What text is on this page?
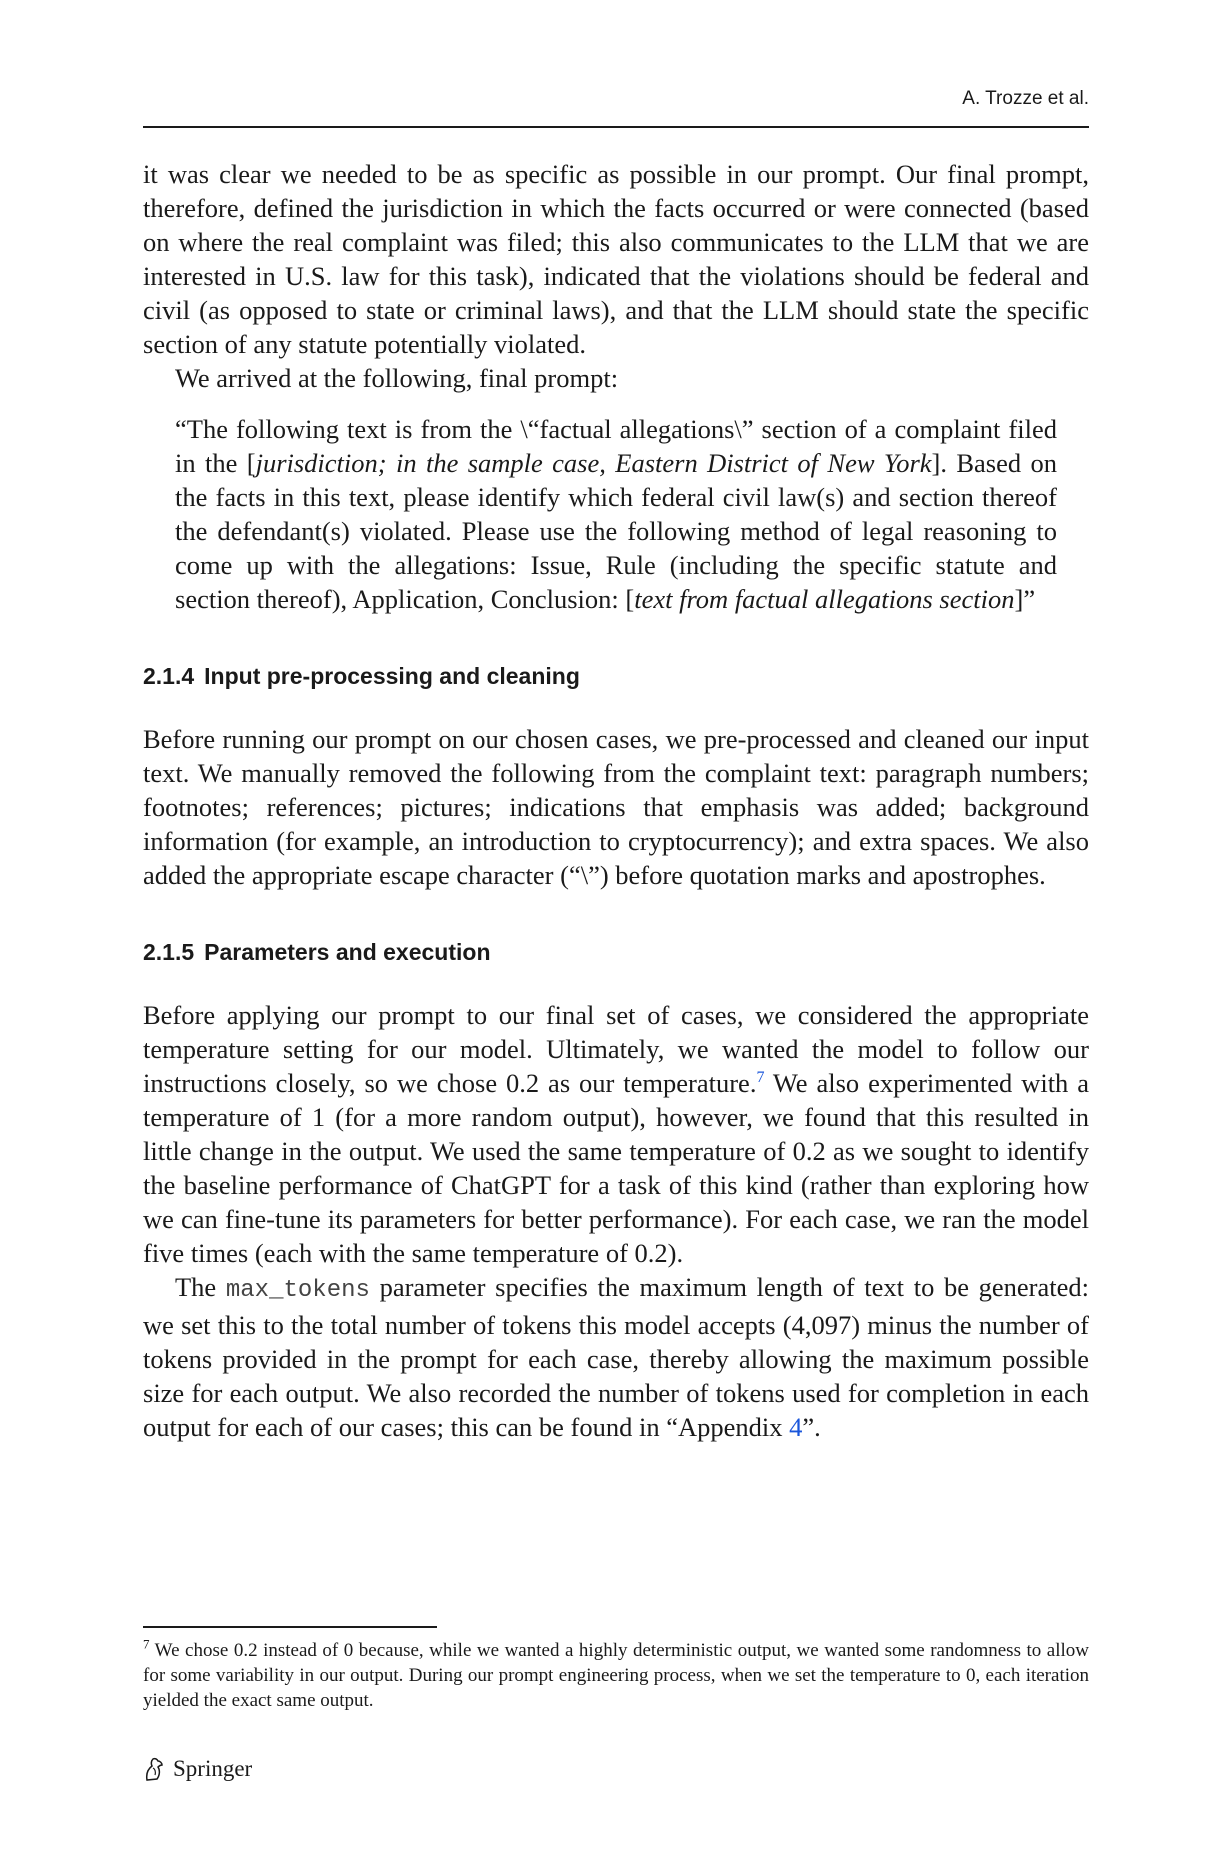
A. Trozze et al.

it was clear we needed to be as specific as possible in our prompt. Our final prompt, therefore, defined the jurisdiction in which the facts occurred or were connected (based on where the real complaint was filed; this also communicates to the LLM that we are interested in U.S. law for this task), indicated that the violations should be federal and civil (as opposed to state or criminal laws), and that the LLM should state the specific section of any statute potentially violated.

We arrived at the following, final prompt:

“The following text is from the \“factual allegations\” section of a complaint filed in the [jurisdiction; in the sample case, Eastern District of New York]. Based on the facts in this text, please identify which federal civil law(s) and section thereof the defendant(s) violated. Please use the following method of legal reasoning to come up with the allegations: Issue, Rule (including the specific statute and section thereof), Application, Conclusion: [text from factual allegations section]”

2.1.4 Input pre-processing and cleaning

Before running our prompt on our chosen cases, we pre-processed and cleaned our input text. We manually removed the following from the complaint text: paragraph numbers; footnotes; references; pictures; indications that emphasis was added; background information (for example, an introduction to cryptocurrency); and extra spaces. We also added the appropriate escape character (“\”) before quotation marks and apostrophes.

2.1.5 Parameters and execution

Before applying our prompt to our final set of cases, we considered the appropriate temperature setting for our model. Ultimately, we wanted the model to follow our instructions closely, so we chose 0.2 as our temperature.$^7$ We also experimented with a temperature of 1 (for a more random output), however, we found that this resulted in little change in the output. We used the same temperature of 0.2 as we sought to identify the baseline performance of ChatGPT for a task of this kind (rather than exploring how we can fine-tune its parameters for better performance). For each case, we ran the model five times (each with the same temperature of 0.2).

The max_tokens parameter specifies the maximum length of text to be generated: we set this to the total number of tokens this model accepts (4,097) minus the number of tokens provided in the prompt for each case, thereby allowing the maximum possible size for each output. We also recorded the number of tokens used for completion in each output for each of our cases; this can be found in “Appendix 4”.

$^7$ We chose 0.2 instead of 0 because, while we wanted a highly deterministic output, we wanted some randomness to allow for some variability in our output. During our prompt engineering process, when we set the temperature to 0, each iteration yielded the exact same output.
Springer
